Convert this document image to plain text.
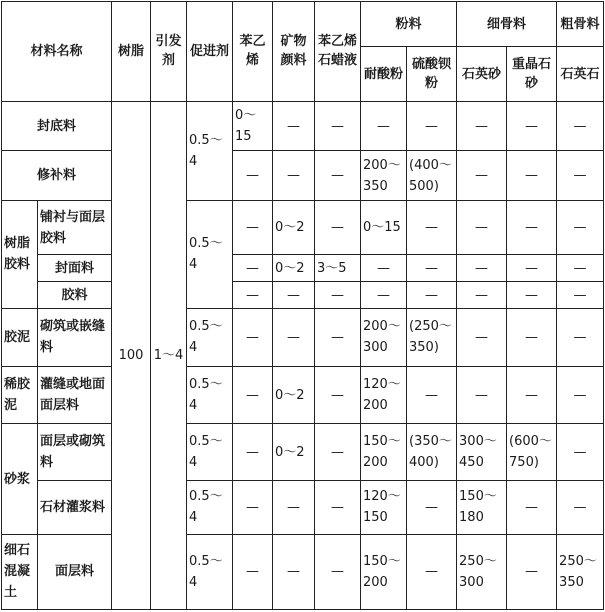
材料名称		树脂	引发剂	促进剂	苯乙烯	矿物颜料	苯乙烯石蜡液	粉料		细骨料		粗骨料
								耐酸粉	硫酸钡粉	石英砂	重晶石砂	石英石
封底料		100	1～4	0.5～4	0～15	—	—	—	—	—	—	—
修补料					—	—	—	200～350	(400～500)	—	—	—
树脂胶料	铺衬与面层胶料			0.5～4	—	0～2	—	0～15	—	—	—	—
	封面料				—	0～2	3～5	—	—	—	—	—
	胶料				—	—	—	—	—	—	—	—
胶泥	砌筑或嵌缝料			0.5～4	—	—	—	200～300	(250～350)	—	—	—
稀胶泥	灌缝或地面面层料			0.5～4	—	0～2	—	120～200	—	—	—	—
砂浆	面层或砌筑料			0.5～4	—	0～2	—	150～200	(350～400)	300～450	(600～750)	—
	石材灌浆料			0.5～4	—	—	—	120～150	—	150～180	—	—
细石混凝土	面层料			0.5～4	—	—	—	150～200	—	250～300	—	250～350
